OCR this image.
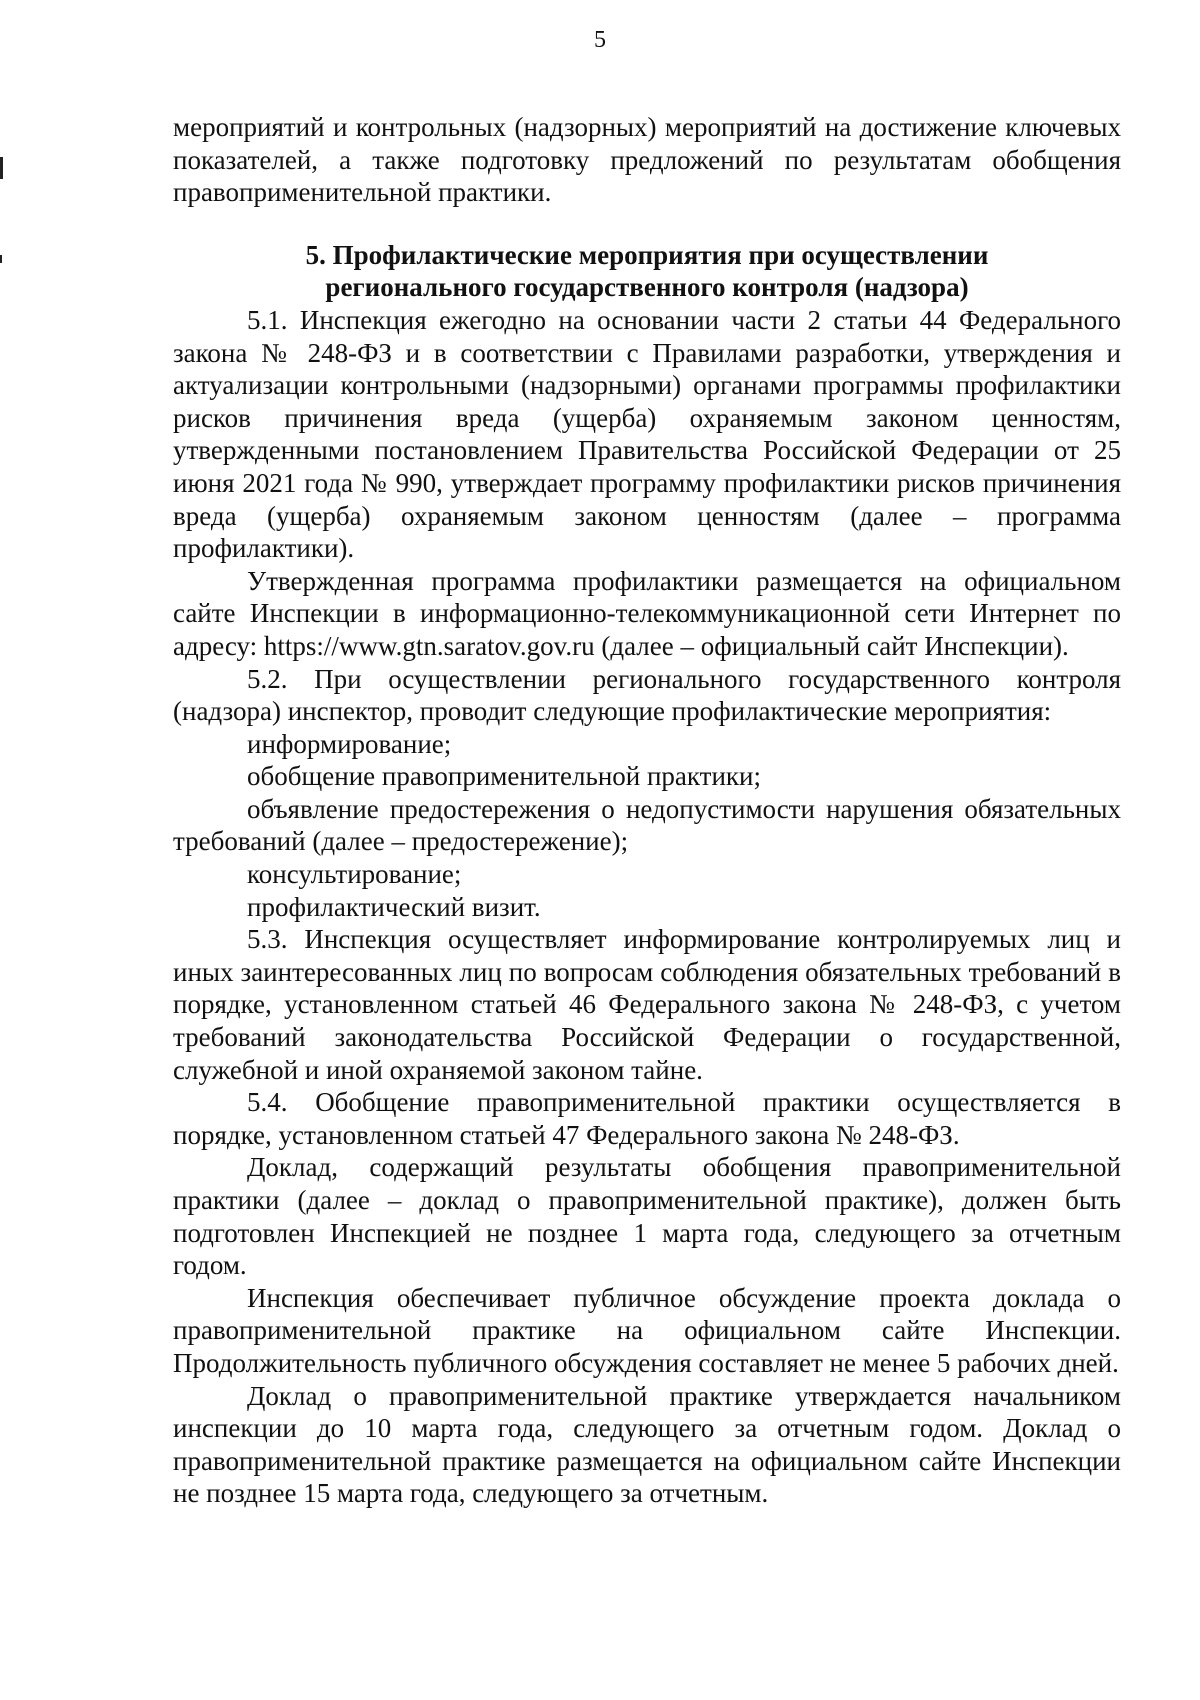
5

мероприятий и контрольных (надзорных) мероприятий на достижение ключевых показателей, а также подготовку предложений по результатам обобщения правоприменительной практики.

5. Профилактические мероприятия при осуществлении
регионального государственного контроля (надзора)

5.1. Инспекция ежегодно на основании части 2 статьи 44 Федерального закона № 248-ФЗ и в соответствии с Правилами разработки, утверждения и актуализации контрольными (надзорными) органами программы профилактики рисков причинения вреда (ущерба) охраняемым законом ценностям, утвержденными постановлением Правительства Российской Федерации от 25 июня 2021 года № 990, утверждает программу профилактики рисков причинения вреда (ущерба) охраняемым законом ценностям (далее – программа профилактики).

Утвержденная программа профилактики размещается на официальном сайте Инспекции в информационно-телекоммуникационной сети Интернет по адресу: https://www.gtn.saratov.gov.ru (далее – официальный сайт Инспекции).

5.2. При осуществлении регионального государственного контроля (надзора) инспектор, проводит следующие профилактические мероприятия:

информирование;

обобщение правоприменительной практики;

объявление предостережения о недопустимости нарушения обязательных требований (далее – предостережение);

консультирование;

профилактический визит.

5.3. Инспекция осуществляет информирование контролируемых лиц и иных заинтересованных лиц по вопросам соблюдения обязательных требований в порядке, установленном статьей 46 Федерального закона № 248-ФЗ, с учетом требований законодательства Российской Федерации о государственной, служебной и иной охраняемой законом тайне.

5.4. Обобщение правоприменительной практики осуществляется в порядке, установленном статьей 47 Федерального закона № 248-ФЗ.

Доклад, содержащий результаты обобщения правоприменительной практики (далее – доклад о правоприменительной практике), должен быть подготовлен Инспекцией не позднее 1 марта года, следующего за отчетным годом.

Инспекция обеспечивает публичное обсуждение проекта доклада о правоприменительной практике на официальном сайте Инспекции. Продолжительность публичного обсуждения составляет не менее 5 рабочих дней.

Доклад о правоприменительной практике утверждается начальником инспекции до 10 марта года, следующего за отчетным годом. Доклад о правоприменительной практике размещается на официальном сайте Инспекции не позднее 15 марта года, следующего за отчетным.
